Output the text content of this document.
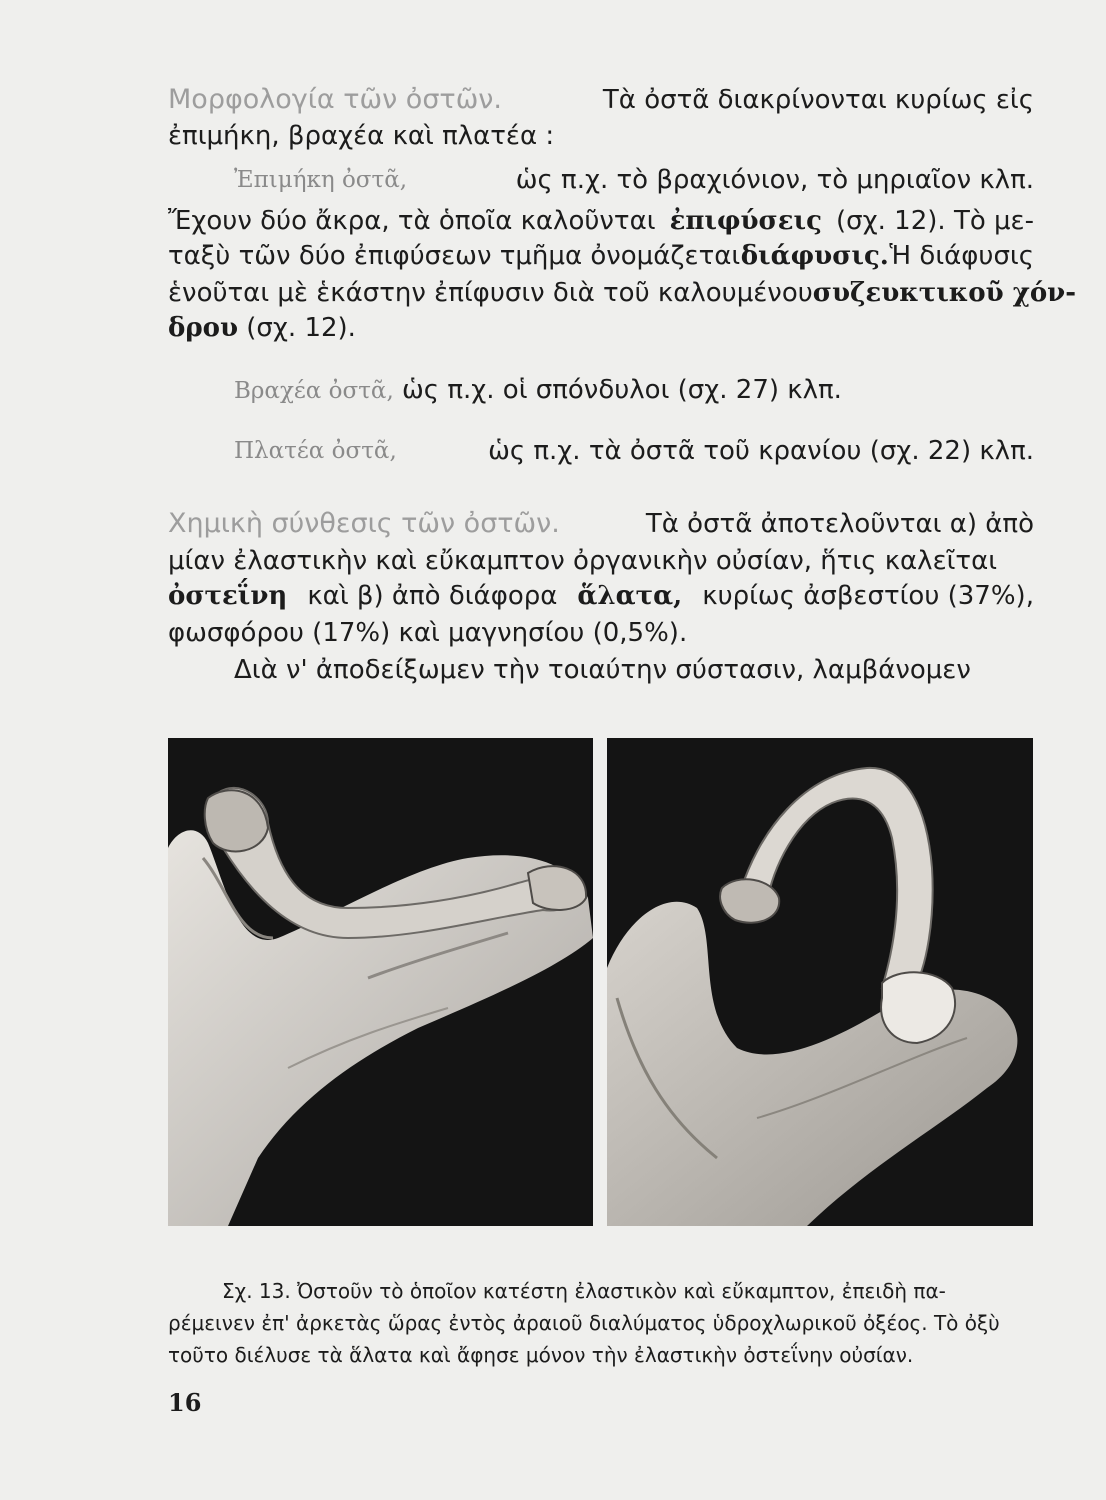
Μορφολογία τῶν ὀστῶν.	Τὰ ὀστᾶ διακρίνονται κυρίως εἰς
ἐπιμήκη, βραχέα καὶ πλατέα :
Ἐπιμήκη ὀστᾶ,	ὡς π.χ. τὸ βραχιόνιον, τὸ μηριαῖον κλπ.
Ἔχουν δύο ἄκρα, τὰ ὁποῖα καλοῦνται ἐπιφύσεις (σχ. 12). Τὸ με-
ταξὺ τῶν δύο ἐπιφύσεων τμῆμα ὀνομάζεται διάφυσις. Ἡ διάφυσις
ἑνοῦται μὲ ἑκάστην ἐπίφυσιν διὰ τοῦ καλουμένου συζευκτικοῦ χόν-
δρου (σχ. 12).
Βραχέα ὀστᾶ, ὡς π.χ. οἱ σπόνδυλοι (σχ. 27) κλπ.
Πλατέα ὀστᾶ,	ὡς π.χ. τὰ ὀστᾶ τοῦ κρανίου (σχ. 22) κλπ.
Χημικὴ σύνθεσις τῶν ὀστῶν.	Τὰ ὀστᾶ ἀποτελοῦνται α) ἀπὸ
μίαν ἐλαστικὴν καὶ εὔκαμπτον ὀργανικὴν οὐσίαν, ἥτις καλεῖται
ὀστεΐνη καὶ β) ἀπὸ διάφορα ἅλατα, κυρίως ἀσβεστίου (37%),
φωσφόρου (17%) καὶ μαγνησίου (0,5%).
Διὰ ν' ἀποδείξωμεν τὴν τοιαύτην σύστασιν, λαμβάνομεν
Σχ. 13. Ὀστοῦν τὸ ὁποῖον κατέστη ἐλαστικὸν καὶ εὔκαμπτον, ἐπειδὴ πα-
ρέμεινεν ἐπ' ἀρκετὰς ὥρας ἐντὸς ἀραιοῦ διαλύματος ὑδροχλωρικοῦ ὀξέος. Τὸ ὀξὺ
τοῦτο διέλυσε τὰ ἅλατα καὶ ἄφησε μόνον τὴν ἐλαστικὴν ὀστεΐνην οὐσίαν.
16
